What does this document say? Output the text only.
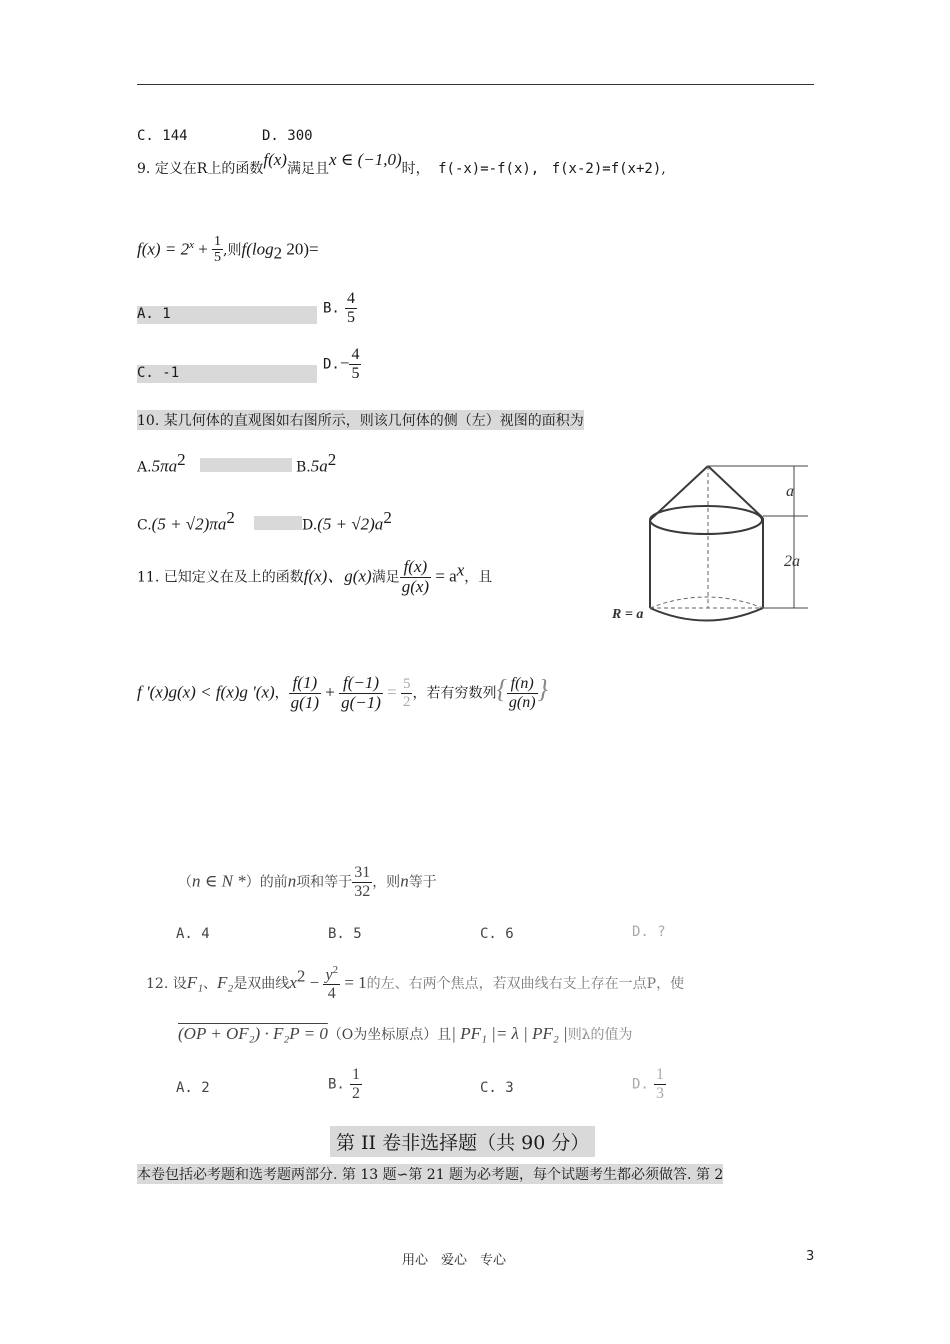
C. 144	D. 300
9. 定义在R上的函数f(x)满足且x ∈ (−1,0)时， f(-x)=-f(x), f(x-2)=f(x+2),
$f(x) = 2^x + \frac{1}{5}$ ,则$f(\log_2$ 20)=
A. 1	B. $\frac{4}{5}$
C. -1
$D.- \frac{4}{5}$
10. 某几何体的直观图如右图所示，则该几何体的侧（左）视图的面积为
$A.5\pi a^2$	$B.5a^2$
$C.(5 + √2)\pi a^2$	$D.(5 + √2)a^2$
a
2a
R = a
11. 已知定义在及上的函数f(x)、g(x)满足 $\frac{f(x)}{g(x)} = a^x$，且
f '(x)g(x) < f(x)g '(x)， $\frac{f(1)}{g(1)} + \frac{f(-1)}{g(-1)} = \frac{5}{2}$ ，若有穷数列{ $\frac{f(n)}{g(n)}$ }
（n ∈ N *）的前n项和等于 $\frac{31}{32}$ ，则n等于
A. 4	B. 5	C. 6	D. ?
12. 设F₁、F₂是双曲线$x^2 - \frac{y^2}{4} = 1$的左、右两个焦点，若双曲线右支上存在一点P，使
(OP + OF₂) · F₂P = 0（O为坐标原点）且| PF₁ |= λ | PF₂ |则λ的值为
A. 2	B. $\frac{1}{2}$	C. 3	D. $\frac{1}{3}$
第 II 卷非选择题（共 90 分）
本卷包括必考题和选考题两部分. 第 13 题∽第 21 题为必考题，每个试题考生都必须做答. 第 2
用心　爱心　专心	3
